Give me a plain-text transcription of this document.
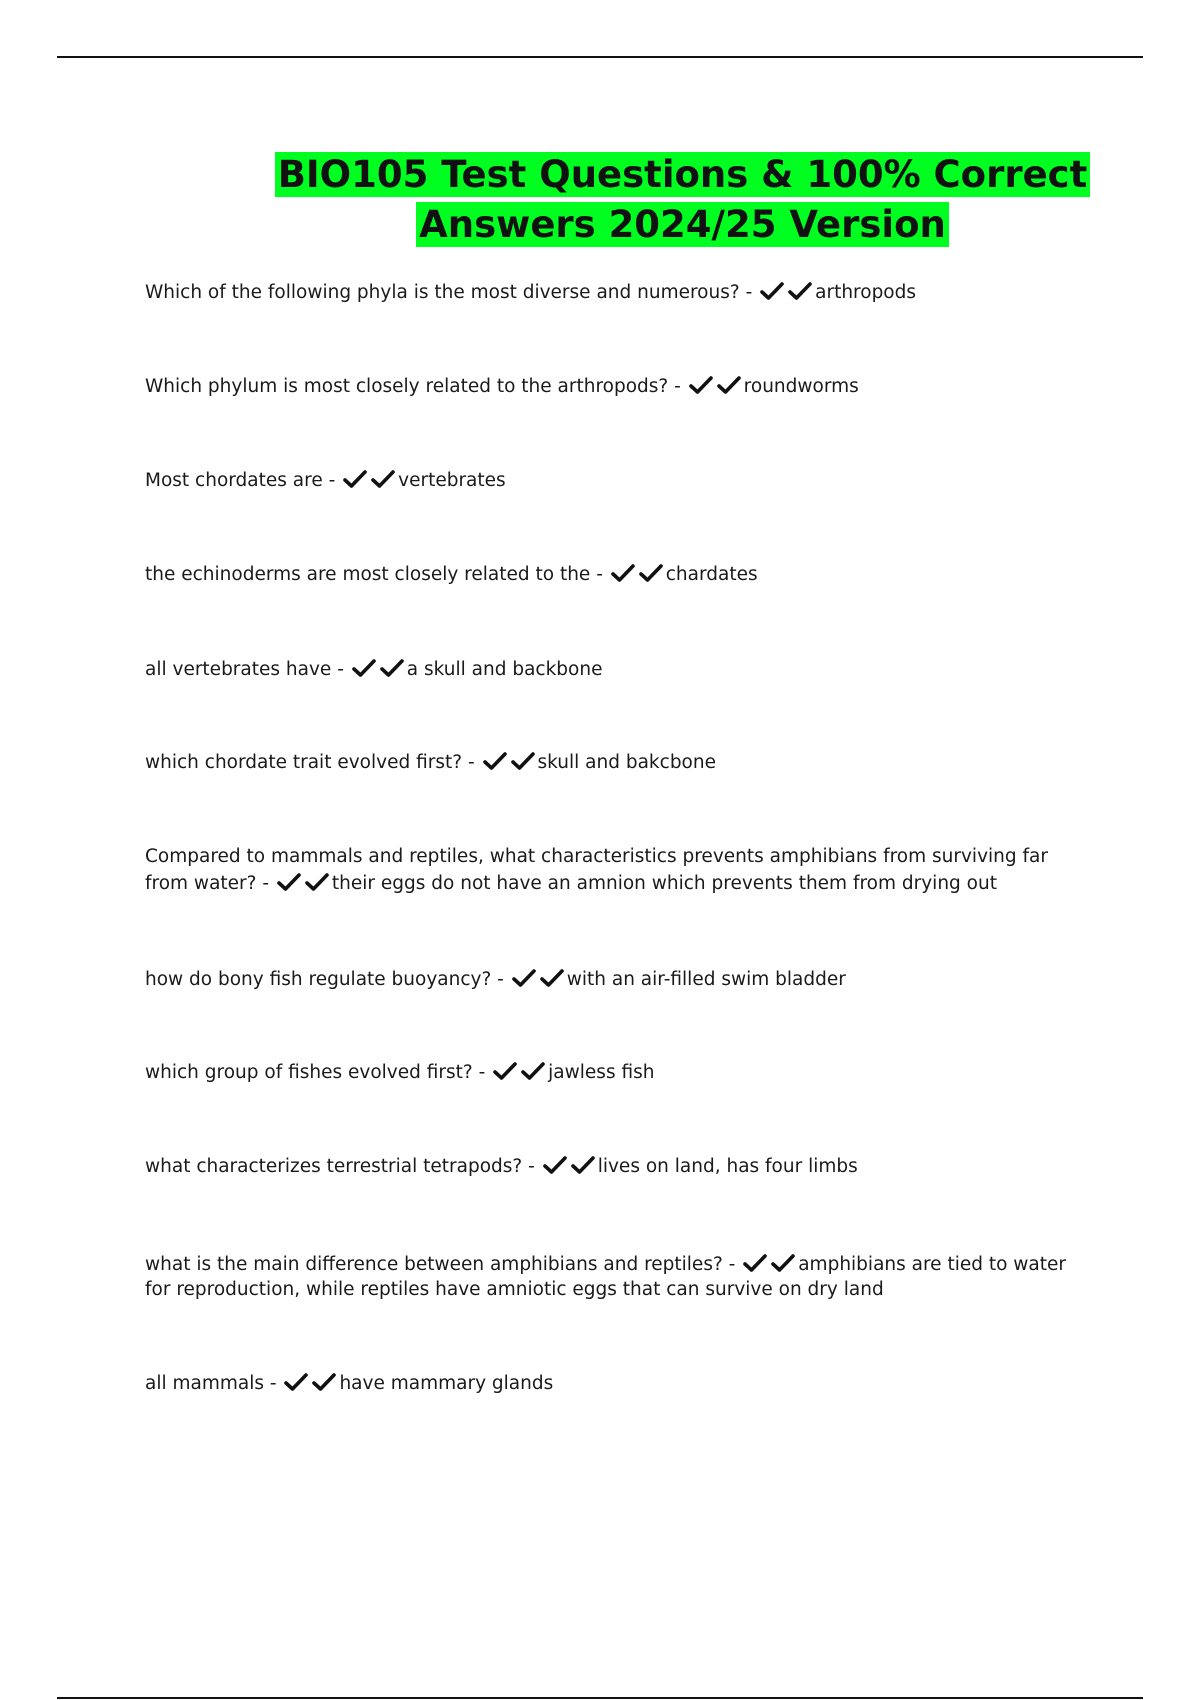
BIO105 Test Questions & 100% Correct
Answers 2024/25 Version

Which of the following phyla is the most diverse and numerous? -	arthropods

Which phylum is most closely related to the arthropods? -	roundworms

Most chordates are -	vertebrates

the echinoderms are most closely related to the -	chardates

all vertebrates have -	a skull and backbone

which chordate trait evolved first? -	skull and bakcbone

Compared to mammals and reptiles, what characteristics prevents amphibians from surviving far from water? -	their eggs do not have an amnion which prevents them from drying out

how do bony fish regulate buoyancy? -	with an air-filled swim bladder

which group of fishes evolved first? -	jawless fish

what characterizes terrestrial tetrapods? -	lives on land, has four limbs

what is the main difference between amphibians and reptiles? -	amphibians are tied to water for reproduction, while reptiles have amniotic eggs that can survive on dry land

all mammals -	have mammary glands
